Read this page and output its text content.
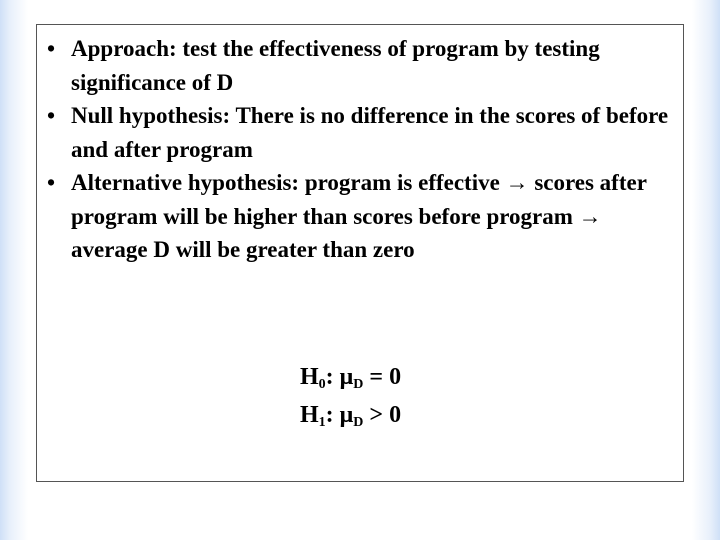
• Approach: test the effectiveness of program by testing significance of D
• Null hypothesis: There is no difference in the scores of before and after program
• Alternative hypothesis: program is effective → scores after program will be higher than scores before program → average D will be greater than zero
$H_0$: $\mu_D = 0$
$H_1$: $\mu_D > 0$
